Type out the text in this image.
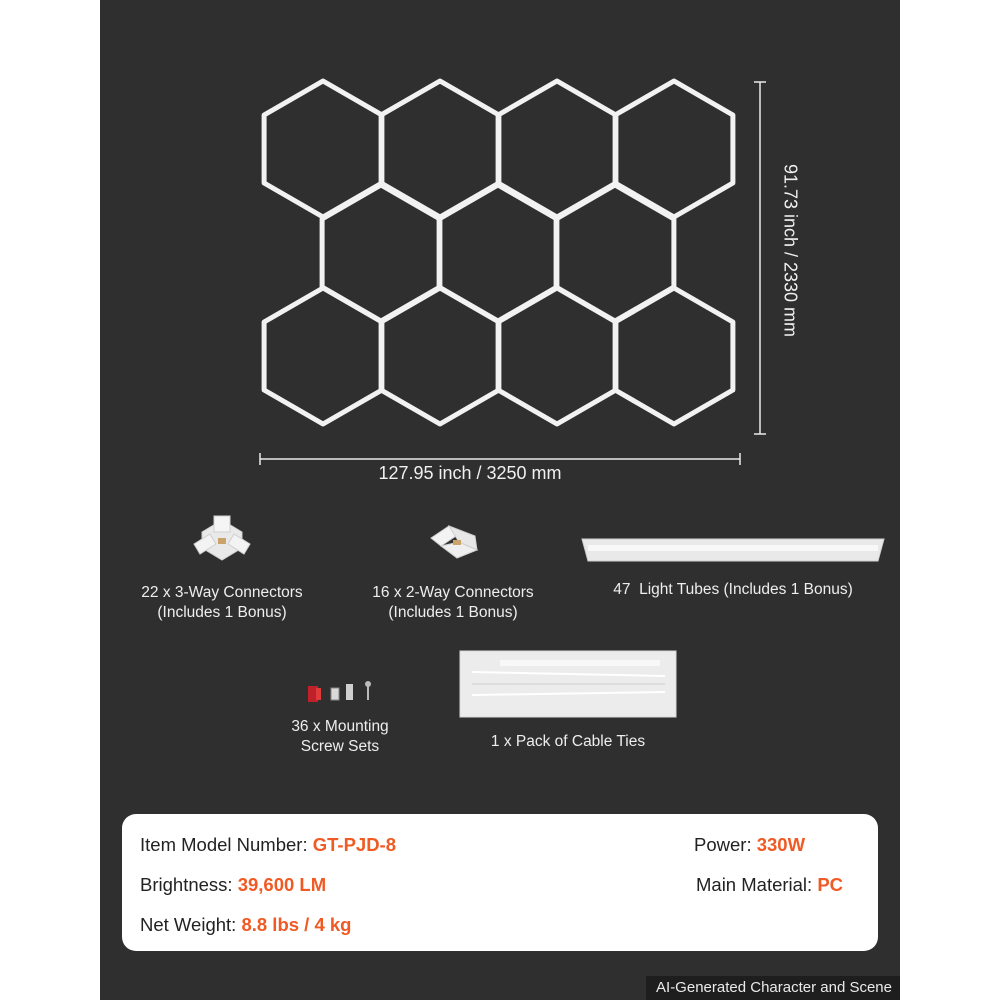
127.95 inch / 3250 mm
91.73 inch / 2330 mm
22 x 3-Way Connectors
(Includes 1 Bonus)
16 x 2-Way Connectors
(Includes 1 Bonus)
47  Light Tubes (Includes 1 Bonus)
36 x Mounting
Screw Sets	1 x Pack of Cable Ties
Item Model Number: GT-PJD-8	Power: 330W
Brightness: 39,600 LM	Main Material: PC
Net Weight: 8.8 lbs / 4 kg
AI-Generated Character and Scene
